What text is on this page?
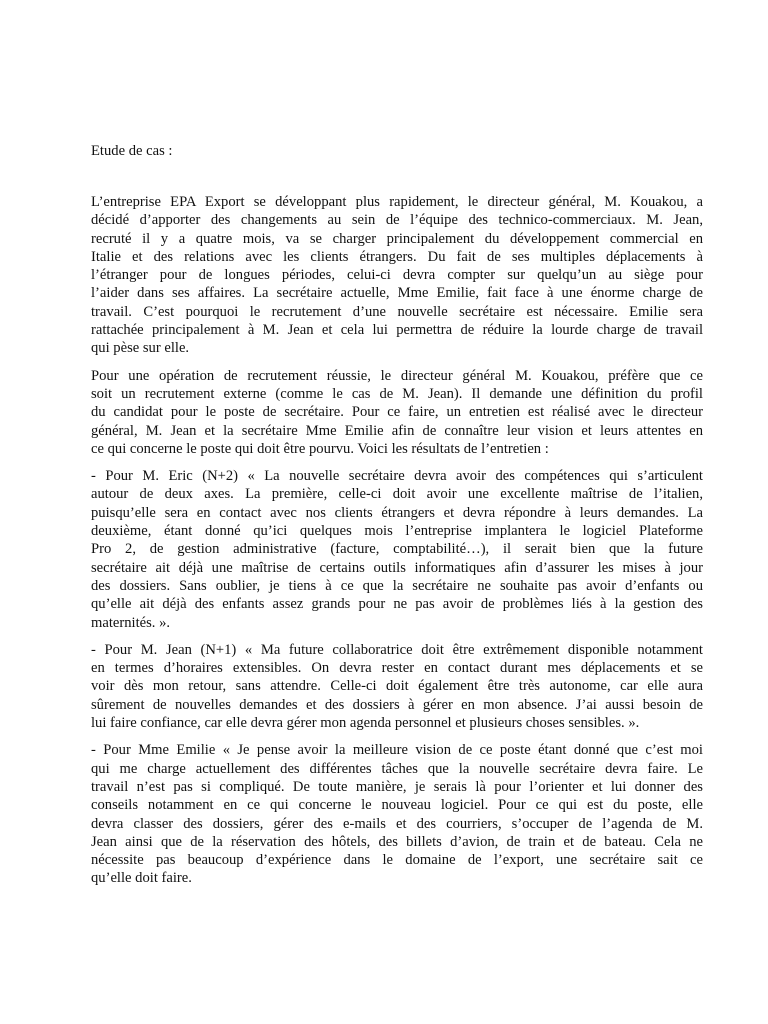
Etude de cas :
L’entreprise EPA Export se développant plus rapidement, le directeur général, M. Kouakou, a
décidé d’apporter des changements au sein de l’équipe des technico-commerciaux. M. Jean,
recruté il y a quatre mois, va se charger principalement du développement commercial en
Italie et des relations avec les clients étrangers. Du fait de ses multiples déplacements à
l’étranger pour de longues périodes, celui-ci devra compter sur quelqu’un au siège pour
l’aider dans ses affaires. La secrétaire actuelle, Mme Emilie, fait face à une énorme charge de
travail. C’est pourquoi le recrutement d’une nouvelle secrétaire est nécessaire. Emilie sera
rattachée principalement à M. Jean et cela lui permettra de réduire la lourde charge de travail
qui pèse sur elle.
Pour une opération de recrutement réussie, le directeur général M. Kouakou, préfère que ce
soit un recrutement externe (comme le cas de M. Jean). Il demande une définition du profil
du candidat pour le poste de secrétaire. Pour ce faire, un entretien est réalisé avec le directeur
général, M. Jean et la secrétaire Mme Emilie afin de connaître leur vision et leurs attentes en
ce qui concerne le poste qui doit être pourvu. Voici les résultats de l’entretien :
- Pour M. Eric (N+2) « La nouvelle secrétaire devra avoir des compétences qui s’articulent
autour de deux axes. La première, celle-ci doit avoir une excellente maîtrise de l’italien,
puisqu’elle sera en contact avec nos clients étrangers et devra répondre à leurs demandes. La
deuxième, étant donné qu’ici quelques mois l’entreprise implantera le logiciel Plateforme
Pro 2, de gestion administrative (facture, comptabilité…), il serait bien que la future
secrétaire ait déjà une maîtrise de certains outils informatiques afin d’assurer les mises à jour
des dossiers. Sans oublier, je tiens à ce que la secrétaire ne souhaite pas avoir d’enfants ou
qu’elle ait déjà des enfants assez grands pour ne pas avoir de problèmes liés à la gestion des
maternités. ».
- Pour M. Jean (N+1) « Ma future collaboratrice doit être extrêmement disponible notamment
en termes d’horaires extensibles. On devra rester en contact durant mes déplacements et se
voir dès mon retour, sans attendre. Celle-ci doit également être très autonome, car elle aura
sûrement de nouvelles demandes et des dossiers à gérer en mon absence. J’ai aussi besoin de
lui faire confiance, car elle devra gérer mon agenda personnel et plusieurs choses sensibles. ».
- Pour Mme Emilie « Je pense avoir la meilleure vision de ce poste étant donné que c’est moi
qui me charge actuellement des différentes tâches que la nouvelle secrétaire devra faire. Le
travail n’est pas si compliqué. De toute manière, je serais là pour l’orienter et lui donner des
conseils notamment en ce qui concerne le nouveau logiciel. Pour ce qui est du poste, elle
devra classer des dossiers, gérer des e-mails et des courriers, s’occuper de l’agenda de M.
Jean ainsi que de la réservation des hôtels, des billets d’avion, de train et de bateau. Cela ne
nécessite pas beaucoup d’expérience dans le domaine de l’export, une secrétaire sait ce
qu’elle doit faire.
